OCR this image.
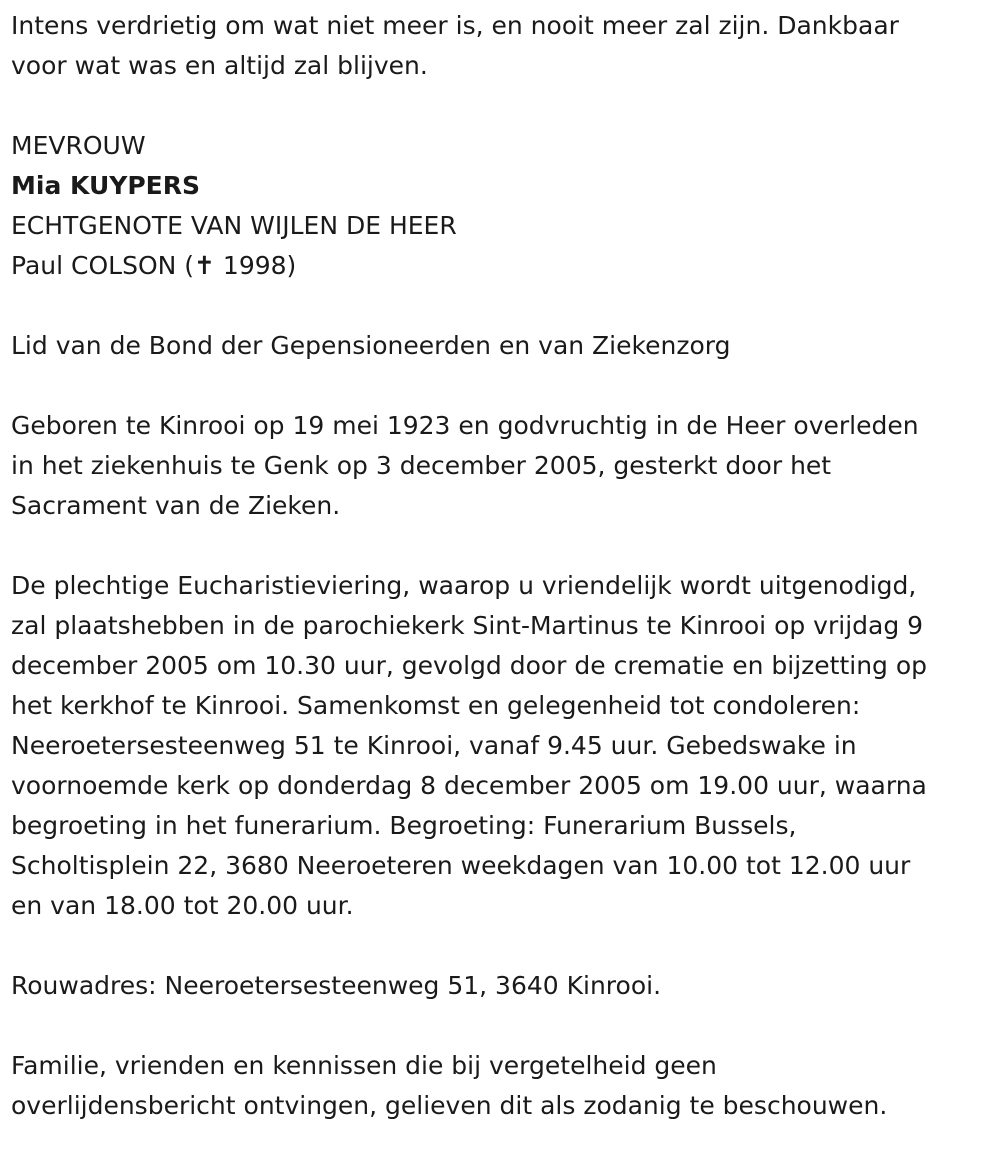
Intens verdrietig om wat niet meer is, en nooit meer zal zijn. Dankbaar

voor wat was en altijd zal blijven.

MEVROUW

Mia KUYPERS

ECHTGENOTE VAN WIJLEN DE HEER

Paul COLSON (✝ 1998)

Lid van de Bond der Gepensioneerden en van Ziekenzorg

Geboren te Kinrooi op 19 mei 1923 en godvruchtig in de Heer overleden

in het ziekenhuis te Genk op 3 december 2005, gesterkt door het

Sacrament van de Zieken.

De plechtige Eucharistieviering, waarop u vriendelijk wordt uitgenodigd,

zal plaatshebben in de parochiekerk Sint-Martinus te Kinrooi op vrijdag 9

december 2005 om 10.30 uur, gevolgd door de crematie en bijzetting op

het kerkhof te Kinrooi. Samenkomst en gelegenheid tot condoleren:

Neeroetersesteenweg 51 te Kinrooi, vanaf 9.45 uur. Gebedswake in

voornoemde kerk op donderdag 8 december 2005 om 19.00 uur, waarna

begroeting in het funerarium. Begroeting: Funerarium Bussels,

Scholtisplein 22, 3680 Neeroeteren weekdagen van 10.00 tot 12.00 uur

en van 18.00 tot 20.00 uur.

Rouwadres: Neeroetersesteenweg 51, 3640 Kinrooi.

Familie, vrienden en kennissen die bij vergetelheid geen

overlijdensbericht ontvingen, gelieven dit als zodanig te beschouwen.
